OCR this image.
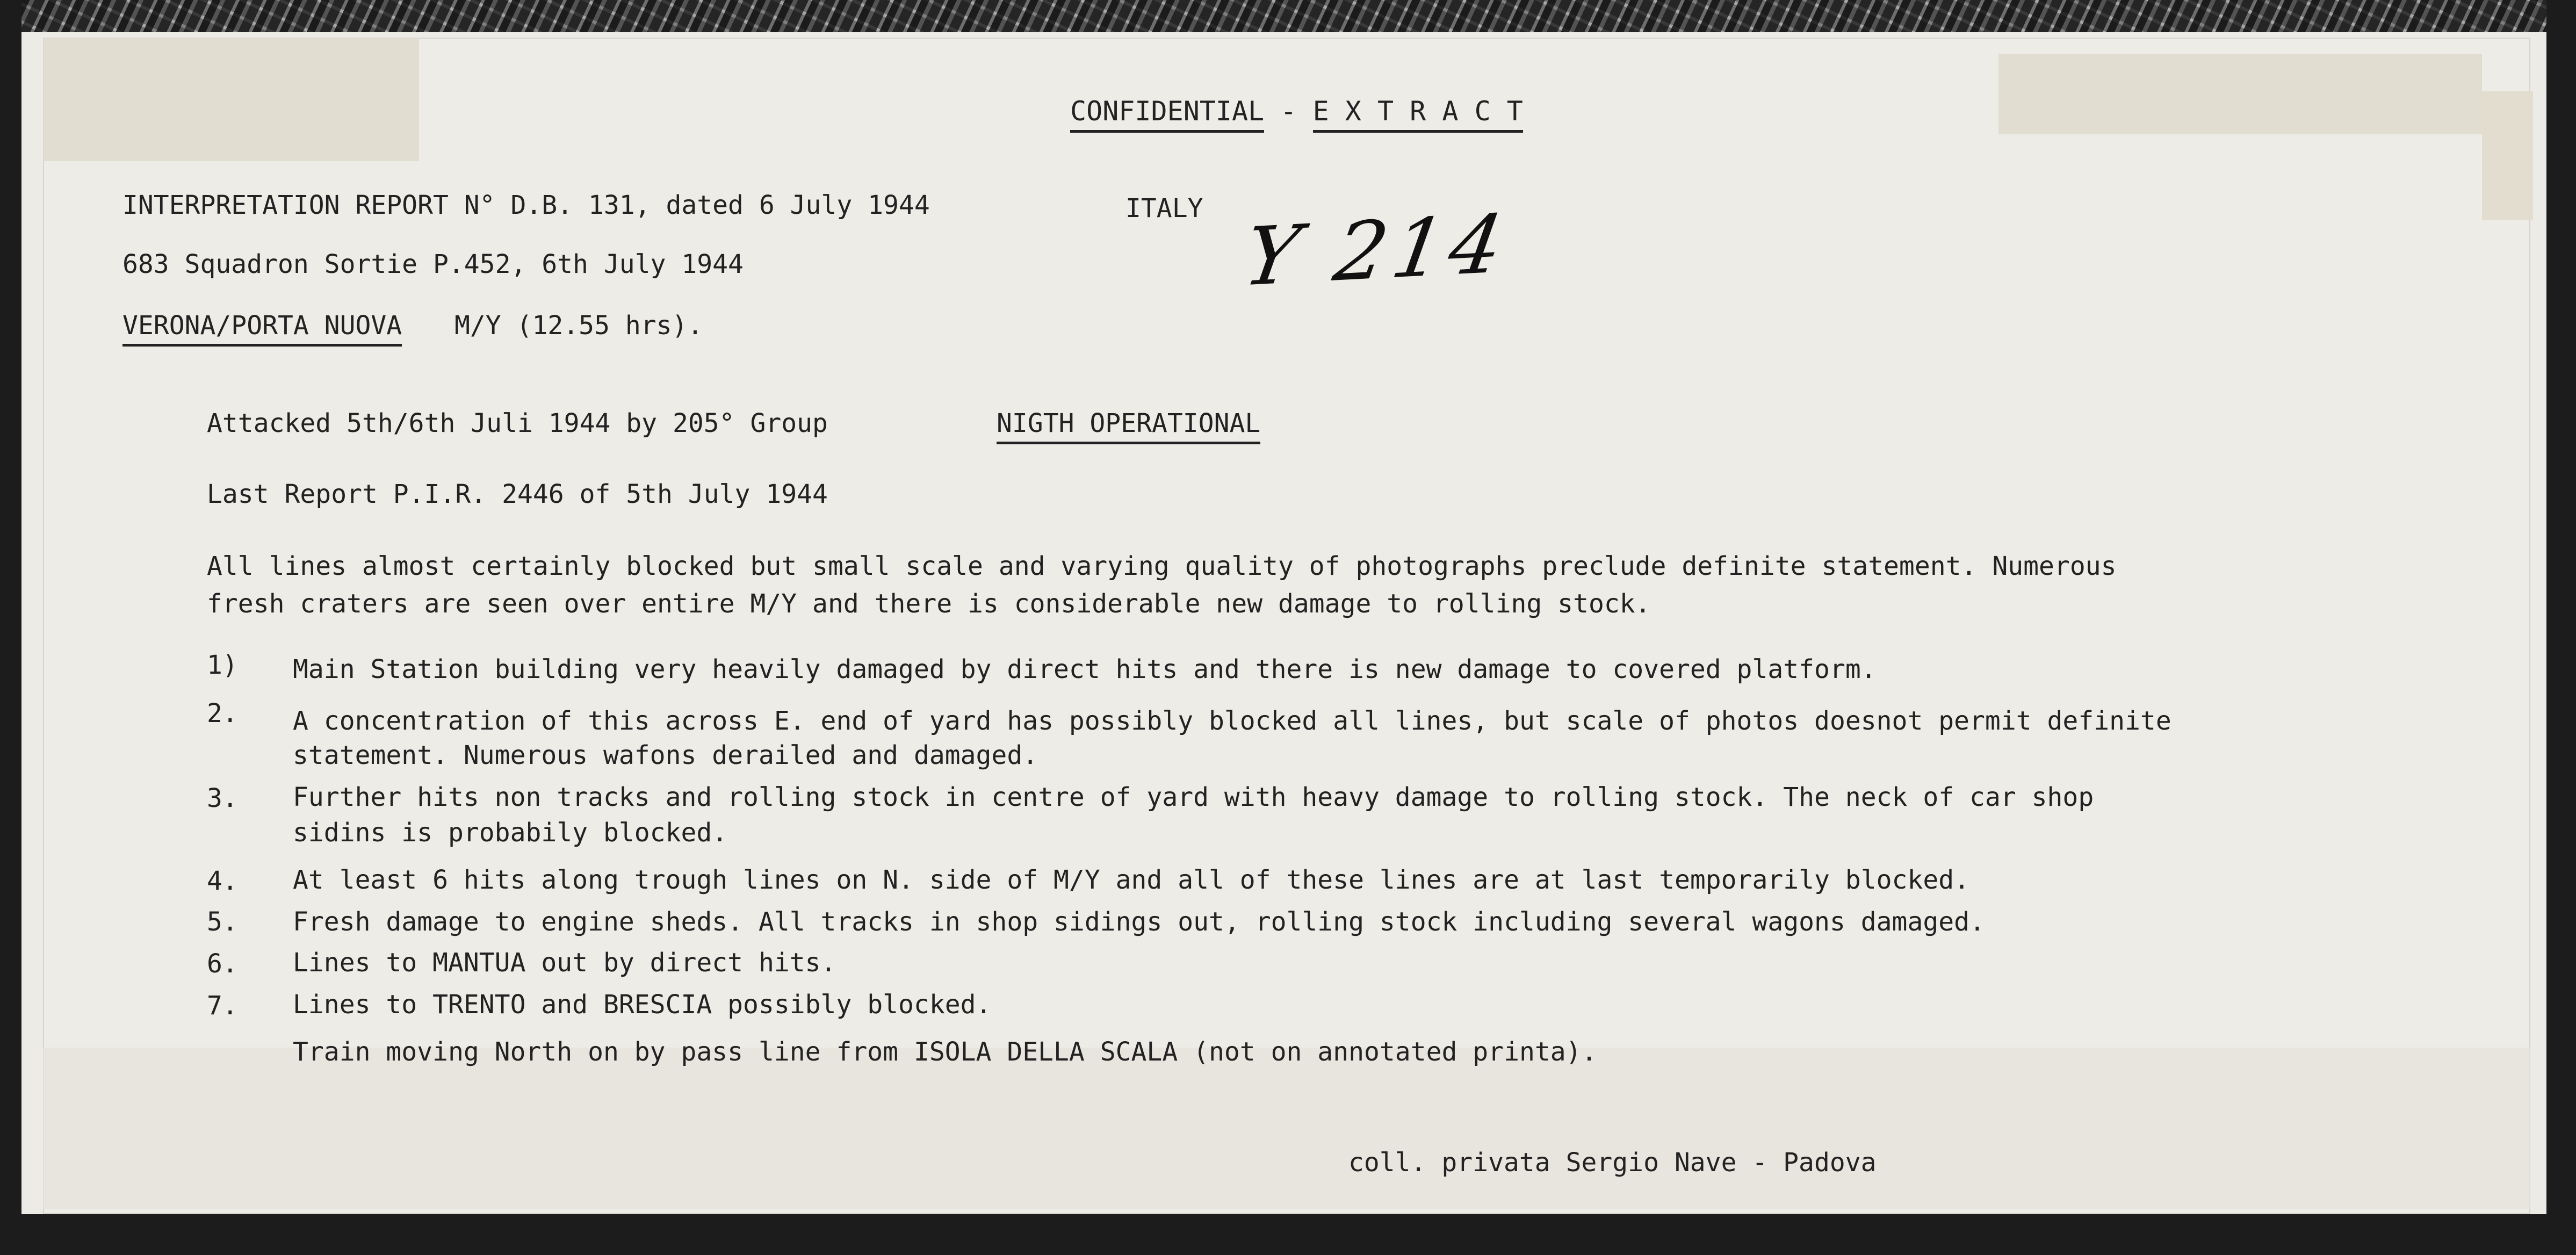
CONFIDENTIAL - E X T R A C T
INTERPRETATION REPORT N° D.B. 131, dated 6 July 1944	ITALY Y 214
683 Squadron Sortie P.452, 6th July 1944
VERONA/PORTA NUOVA M/Y (12.55 hrs).
Attacked 5th/6th Juli 1944 by 205° Group	NIGTH OPERATIONAL
Last Report P.I.R. 2446 of 5th July 1944
All lines almost certainly blocked but small scale and varying quality of photographs preclude definite statement. Numerous
fresh craters are seen over entire M/Y and there is considerable new damage to rolling stock.
1) Main Station building very heavily damaged by direct hits and there is new damage to covered platform.
2. A concentration of this across E. end of yard has possibly blocked all lines, but scale of photos doesnot permit definite
statement. Numerous wafons derailed and damaged.
3. Further hits non tracks and rolling stock in centre of yard with heavy damage to rolling stock. The neck of car shop
sidins is probabily blocked.
4. At least 6 hits along trough lines on N. side of M/Y and all of these lines are at last temporarily blocked.
5. Fresh damage to engine sheds. All tracks in shop sidings out, rolling stock including several wagons damaged.
6. Lines to MANTUA out by direct hits.
7. Lines to TRENTO and BRESCIA possibly blocked.
Train moving North on by pass line from ISOLA DELLA SCALA (not on annotated printa).
coll. privata Sergio Nave - Padova
